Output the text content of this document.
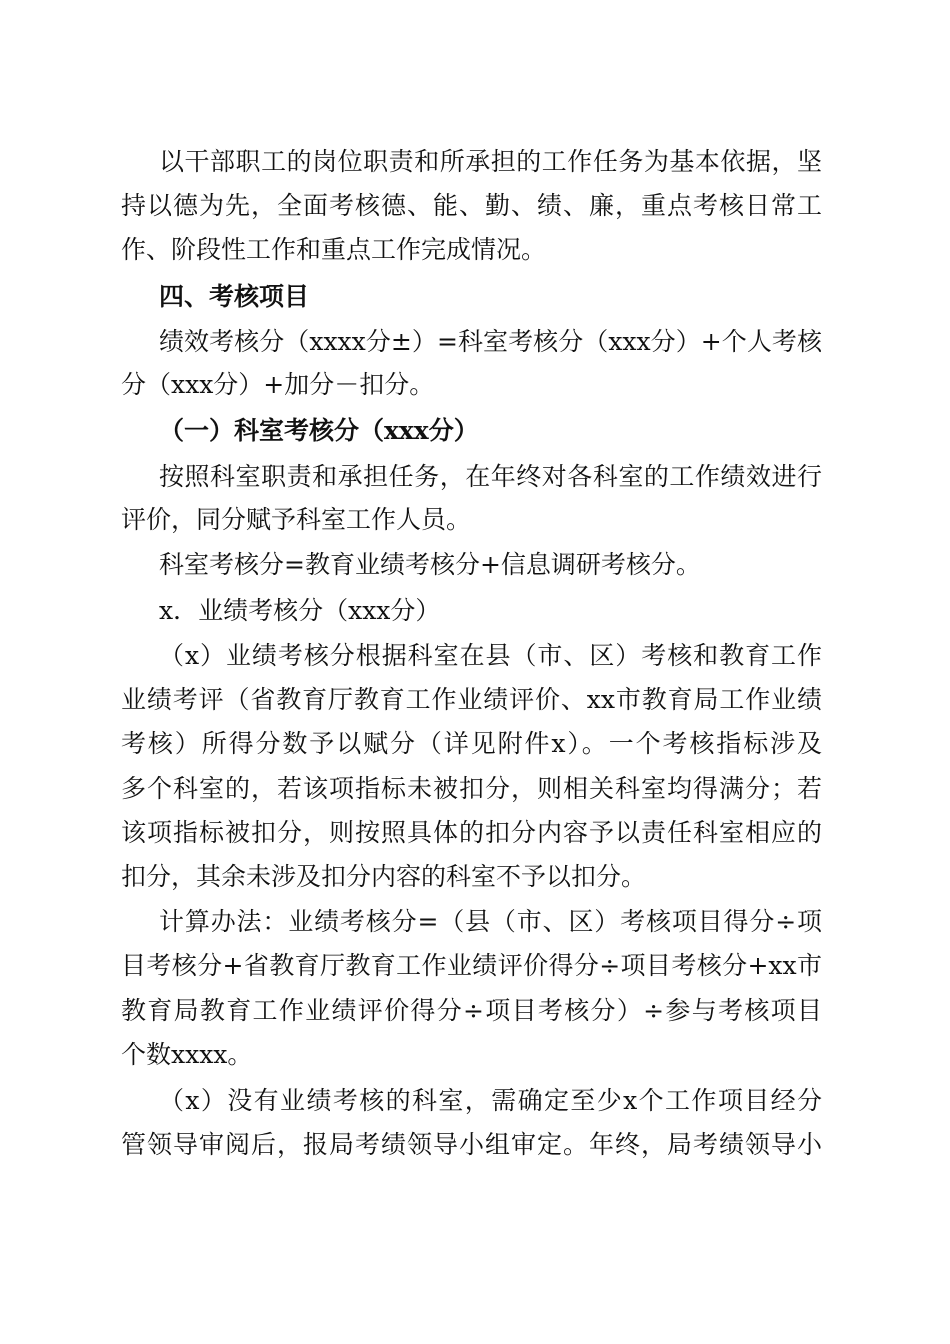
以干部职工的岗位职责和所承担的工作任务为基本依据，坚
持以德为先，全面考核德、能、勤、绩、廉，重点考核日常工
作、阶段性工作和重点工作完成情况。
四、考核项目
绩效考核分（xxxx分±）=科室考核分（xxx分）+个人考核
分（xxx分）+加分－扣分。
（一）科室考核分（xxx分）
按照科室职责和承担任务，在年终对各科室的工作绩效进行
评价，同分赋予科室工作人员。
科室考核分=教育业绩考核分+信息调研考核分。
x．业绩考核分（xxx分）
（x）业绩考核分根据科室在县（市、区）考核和教育工作
业绩考评（省教育厅教育工作业绩评价、xx市教育局工作业绩
考核）所得分数予以赋分（详见附件x）。一个考核指标涉及
多个科室的，若该项指标未被扣分，则相关科室均得满分；若
该项指标被扣分，则按照具体的扣分内容予以责任科室相应的
扣分，其余未涉及扣分内容的科室不予以扣分。
计算办法：业绩考核分=（县（市、区）考核项目得分÷项
目考核分+省教育厅教育工作业绩评价得分÷项目考核分+xx市
教育局教育工作业绩评价得分÷项目考核分）÷参与考核项目
个数xxxx。
（x）没有业绩考核的科室，需确定至少x个工作项目经分
管领导审阅后，报局考绩领导小组审定。年终，局考绩领导小
